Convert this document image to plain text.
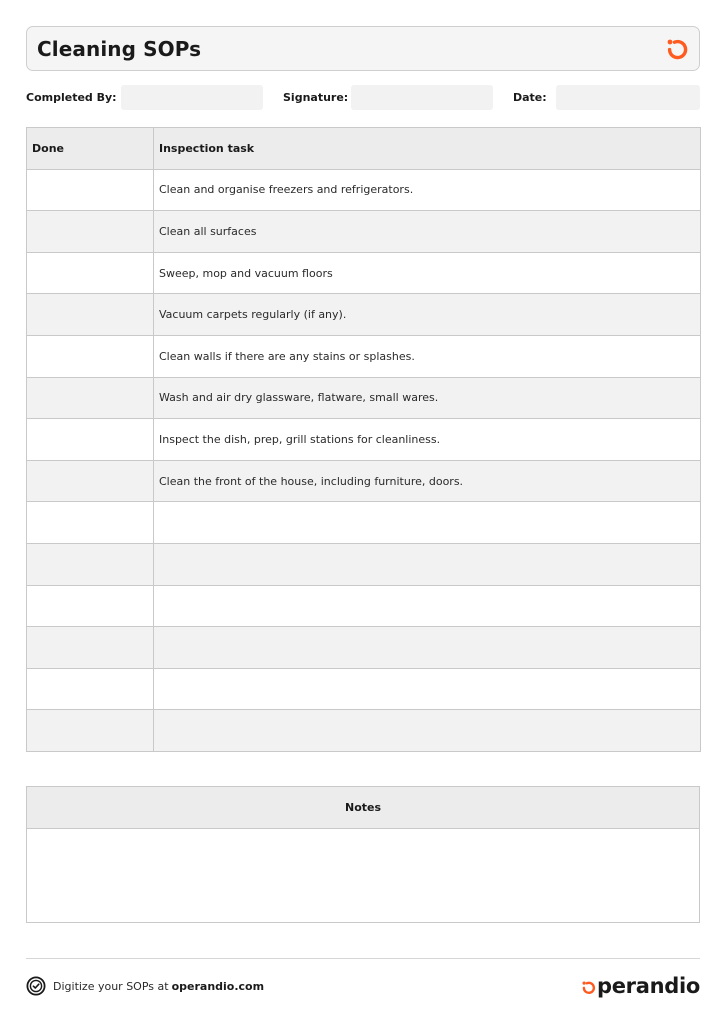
Cleaning SOPs
Completed By:	Signature:	Date:
Done	Inspection task
	Clean and organise freezers and refrigerators.
	Clean all surfaces
	Sweep, mop and vacuum floors
	Vacuum carpets regularly (if any).
	Clean walls if there are any stains or splashes.
	Wash and air dry glassware, flatware, small wares.
	Inspect the dish, prep, grill stations for cleanliness.
	Clean the front of the house, including furniture, doors.

Notes
Digitize your SOPs at operandio.com	perandio
